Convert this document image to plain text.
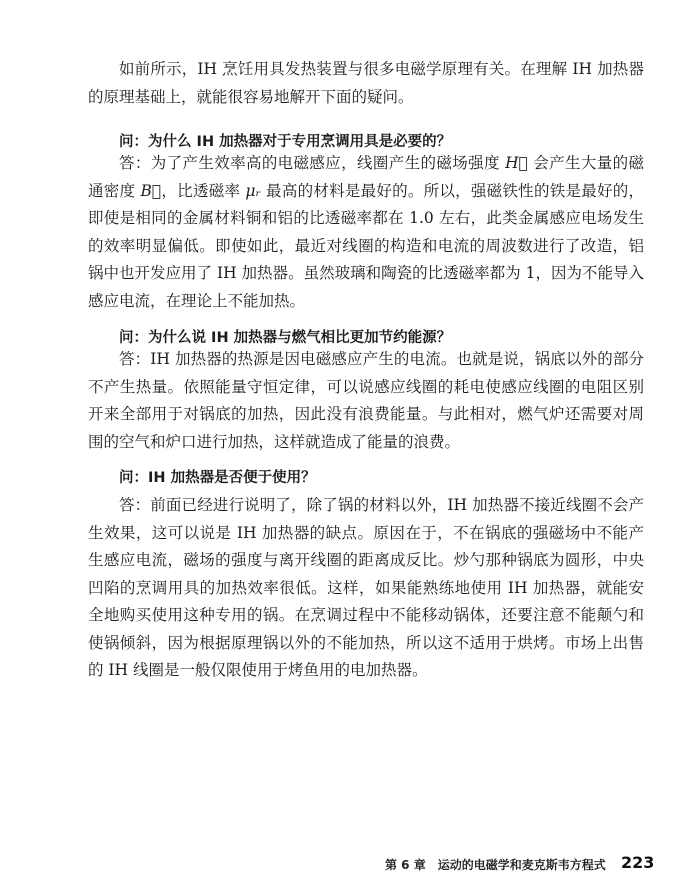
如前所示，IH 烹饪用具发热装置与很多电磁学原理有关。在理解 IH 加热器的原理基础上，就能很容易地解开下面的疑问。

问：为什么 IH 加热器对于专用烹调用具是必要的？

答：为了产生效率高的电磁感应，线圈产生的磁场强度 H⃗ 会产生大量的磁通密度 B⃗，比透磁率 μᵣ 最高的材料是最好的。所以，强磁铁性的铁是最好的，即使是相同的金属材料铜和铝的比透磁率都在 1.0 左右，此类金属感应电场发生的效率明显偏低。即使如此，最近对线圈的构造和电流的周波数进行了改造，铝锅中也开发应用了 IH 加热器。虽然玻璃和陶瓷的比透磁率都为 1，因为不能导入感应电流，在理论上不能加热。

问：为什么说 IH 加热器与燃气相比更加节约能源？

答：IH 加热器的热源是因电磁感应产生的电流。也就是说，锅底以外的部分不产生热量。依照能量守恒定律，可以说感应线圈的耗电使感应线圈的电阻区别开来全部用于对锅底的加热，因此没有浪费能量。与此相对，燃气炉还需要对周围的空气和炉口进行加热，这样就造成了能量的浪费。

问：IH 加热器是否便于使用？

答：前面已经进行说明了，除了锅的材料以外，IH 加热器不接近线圈不会产生效果，这可以说是 IH 加热器的缺点。原因在于，不在锅底的强磁场中不能产生感应电流，磁场的强度与离开线圈的距离成反比。炒勺那种锅底为圆形，中央凹陷的烹调用具的加热效率很低。这样，如果能熟练地使用 IH 加热器，就能安全地购买使用这种专用的锅。在烹调过程中不能移动锅体，还要注意不能颠勺和使锅倾斜，因为根据原理锅以外的不能加热，所以这不适用于烘烤。市场上出售的 IH 线圈是一般仅限使用于烤鱼用的电加热器。

第 6 章　运动的电磁学和麦克斯韦方程式 223
